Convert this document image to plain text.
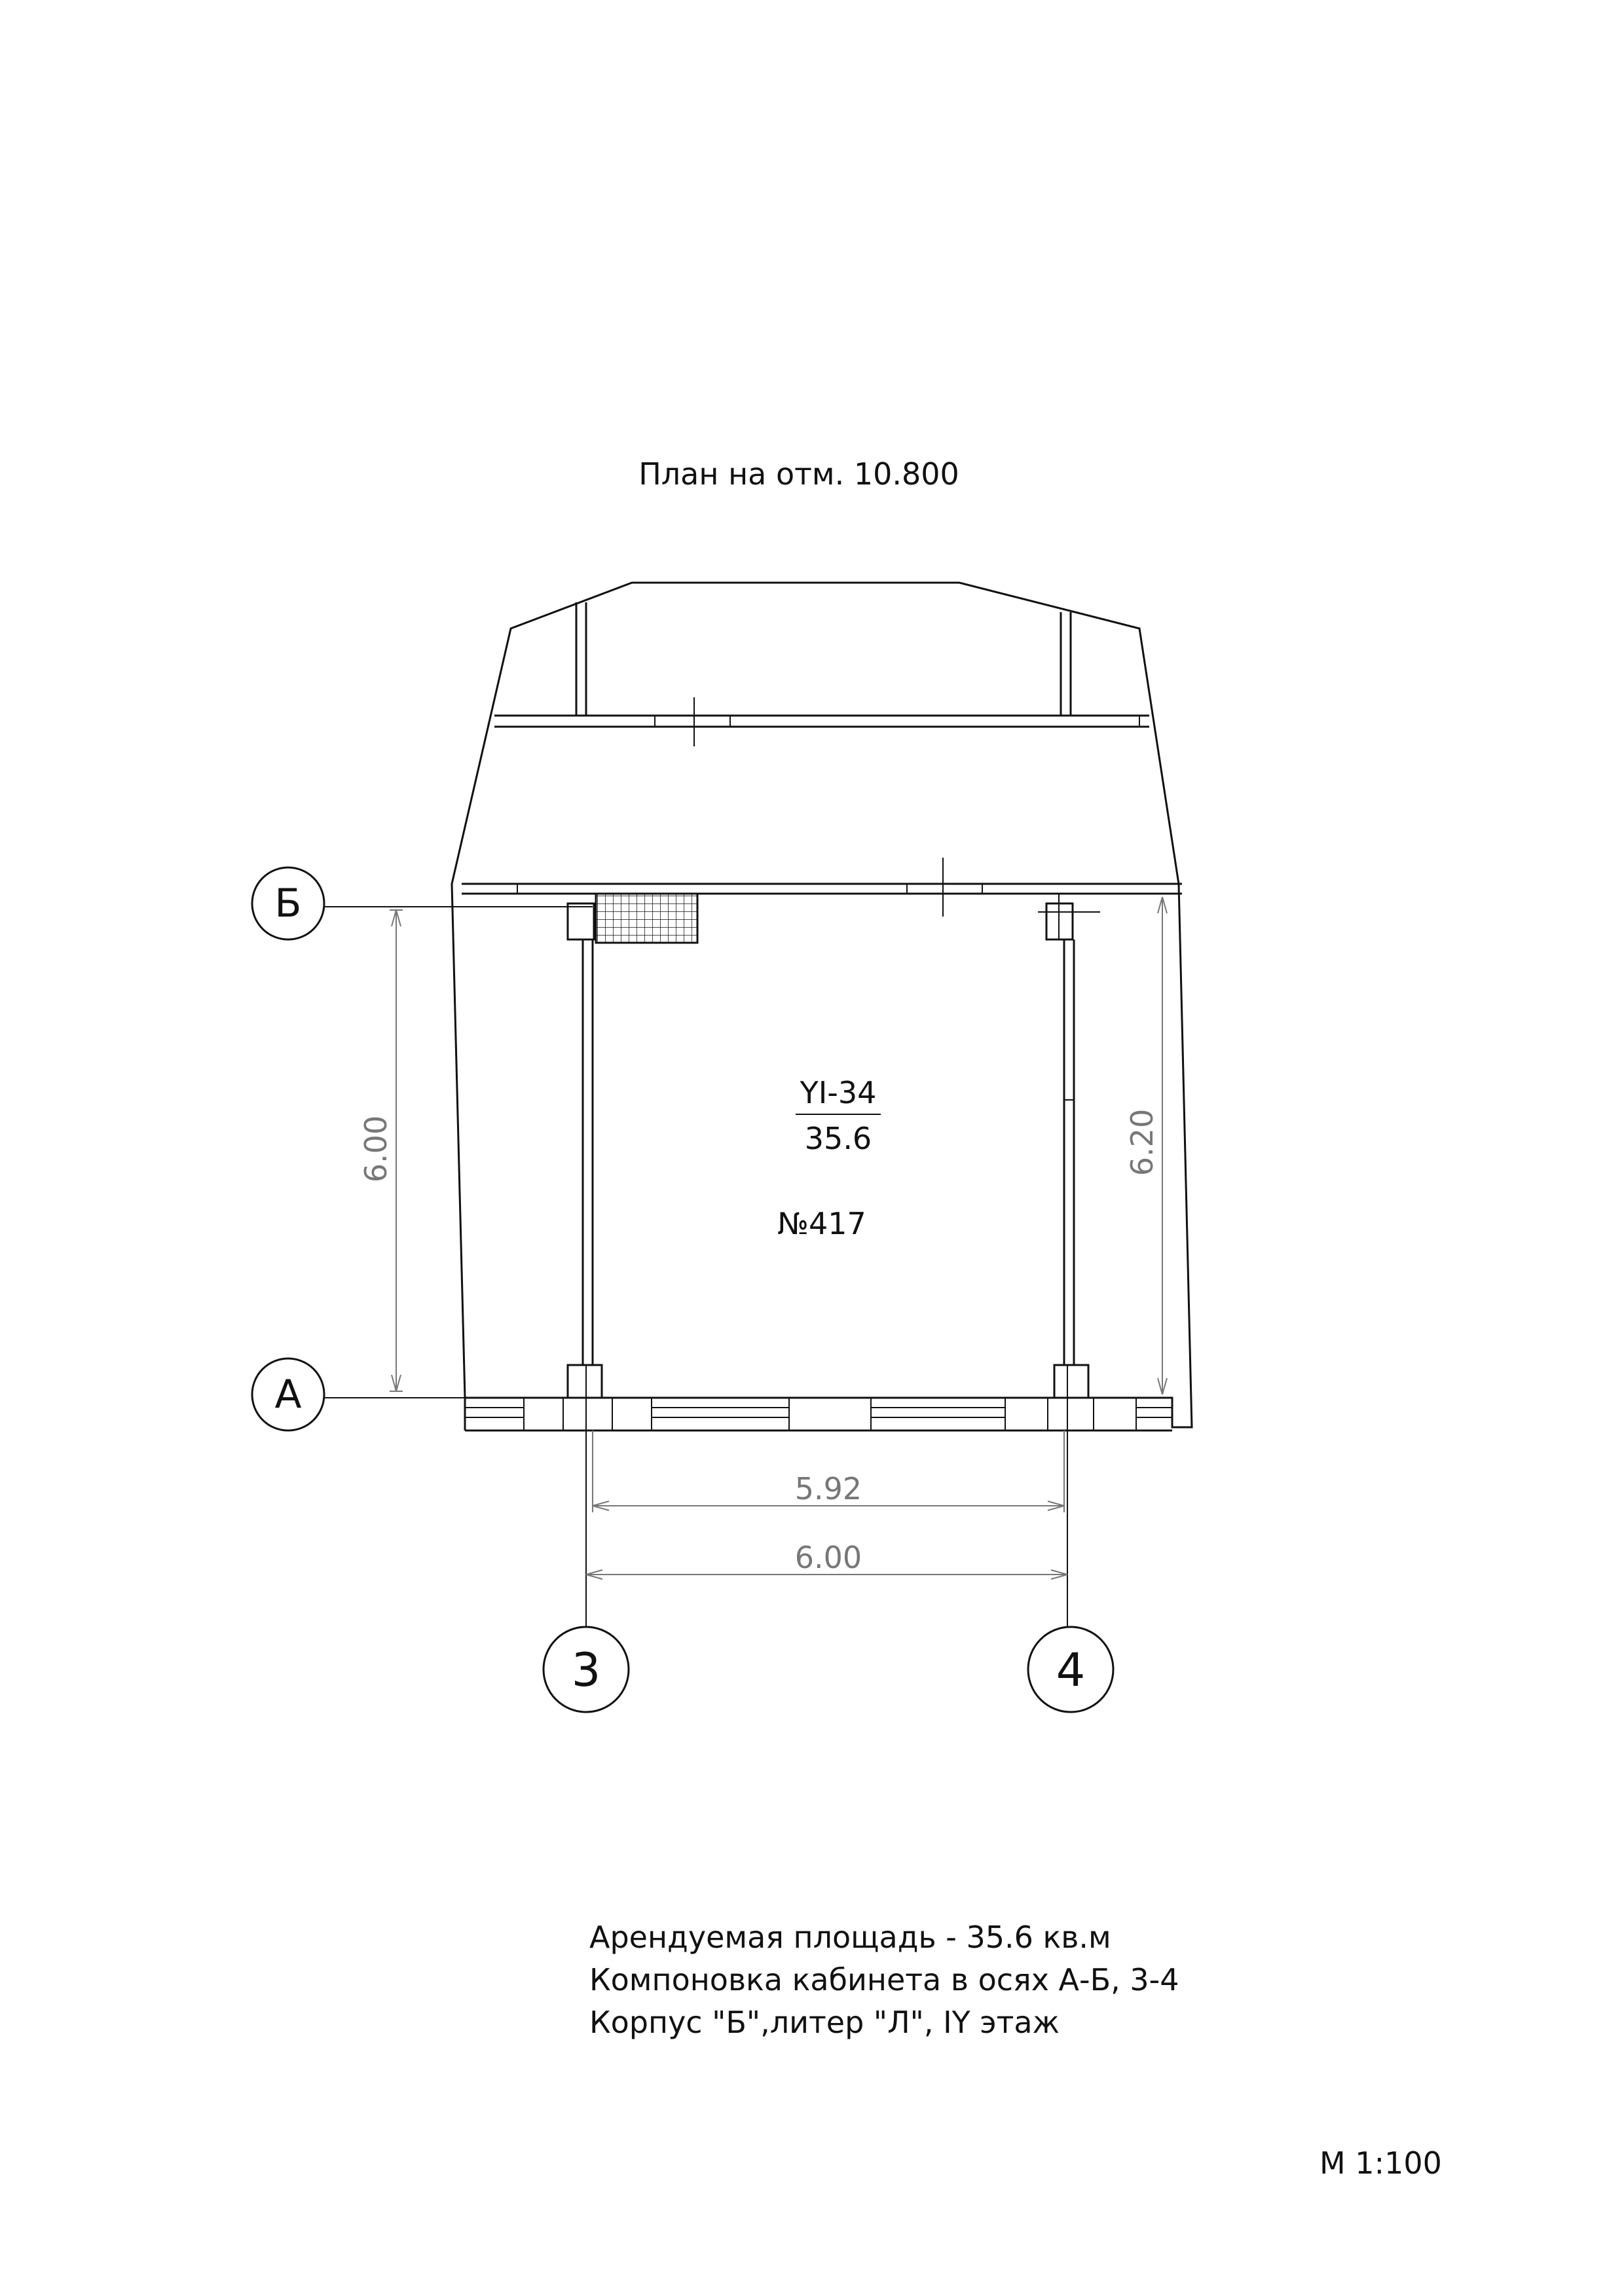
План на отм. 10.800
Б
А
3	4
6.00	6.20
5.92
6.00
YI-34
35.6
№417
Арендуемая площадь - 35.6 кв.м
Компоновка кабинета в осях А-Б, 3-4
Корпус "Б",литер "Л", IY этаж
М 1:100
